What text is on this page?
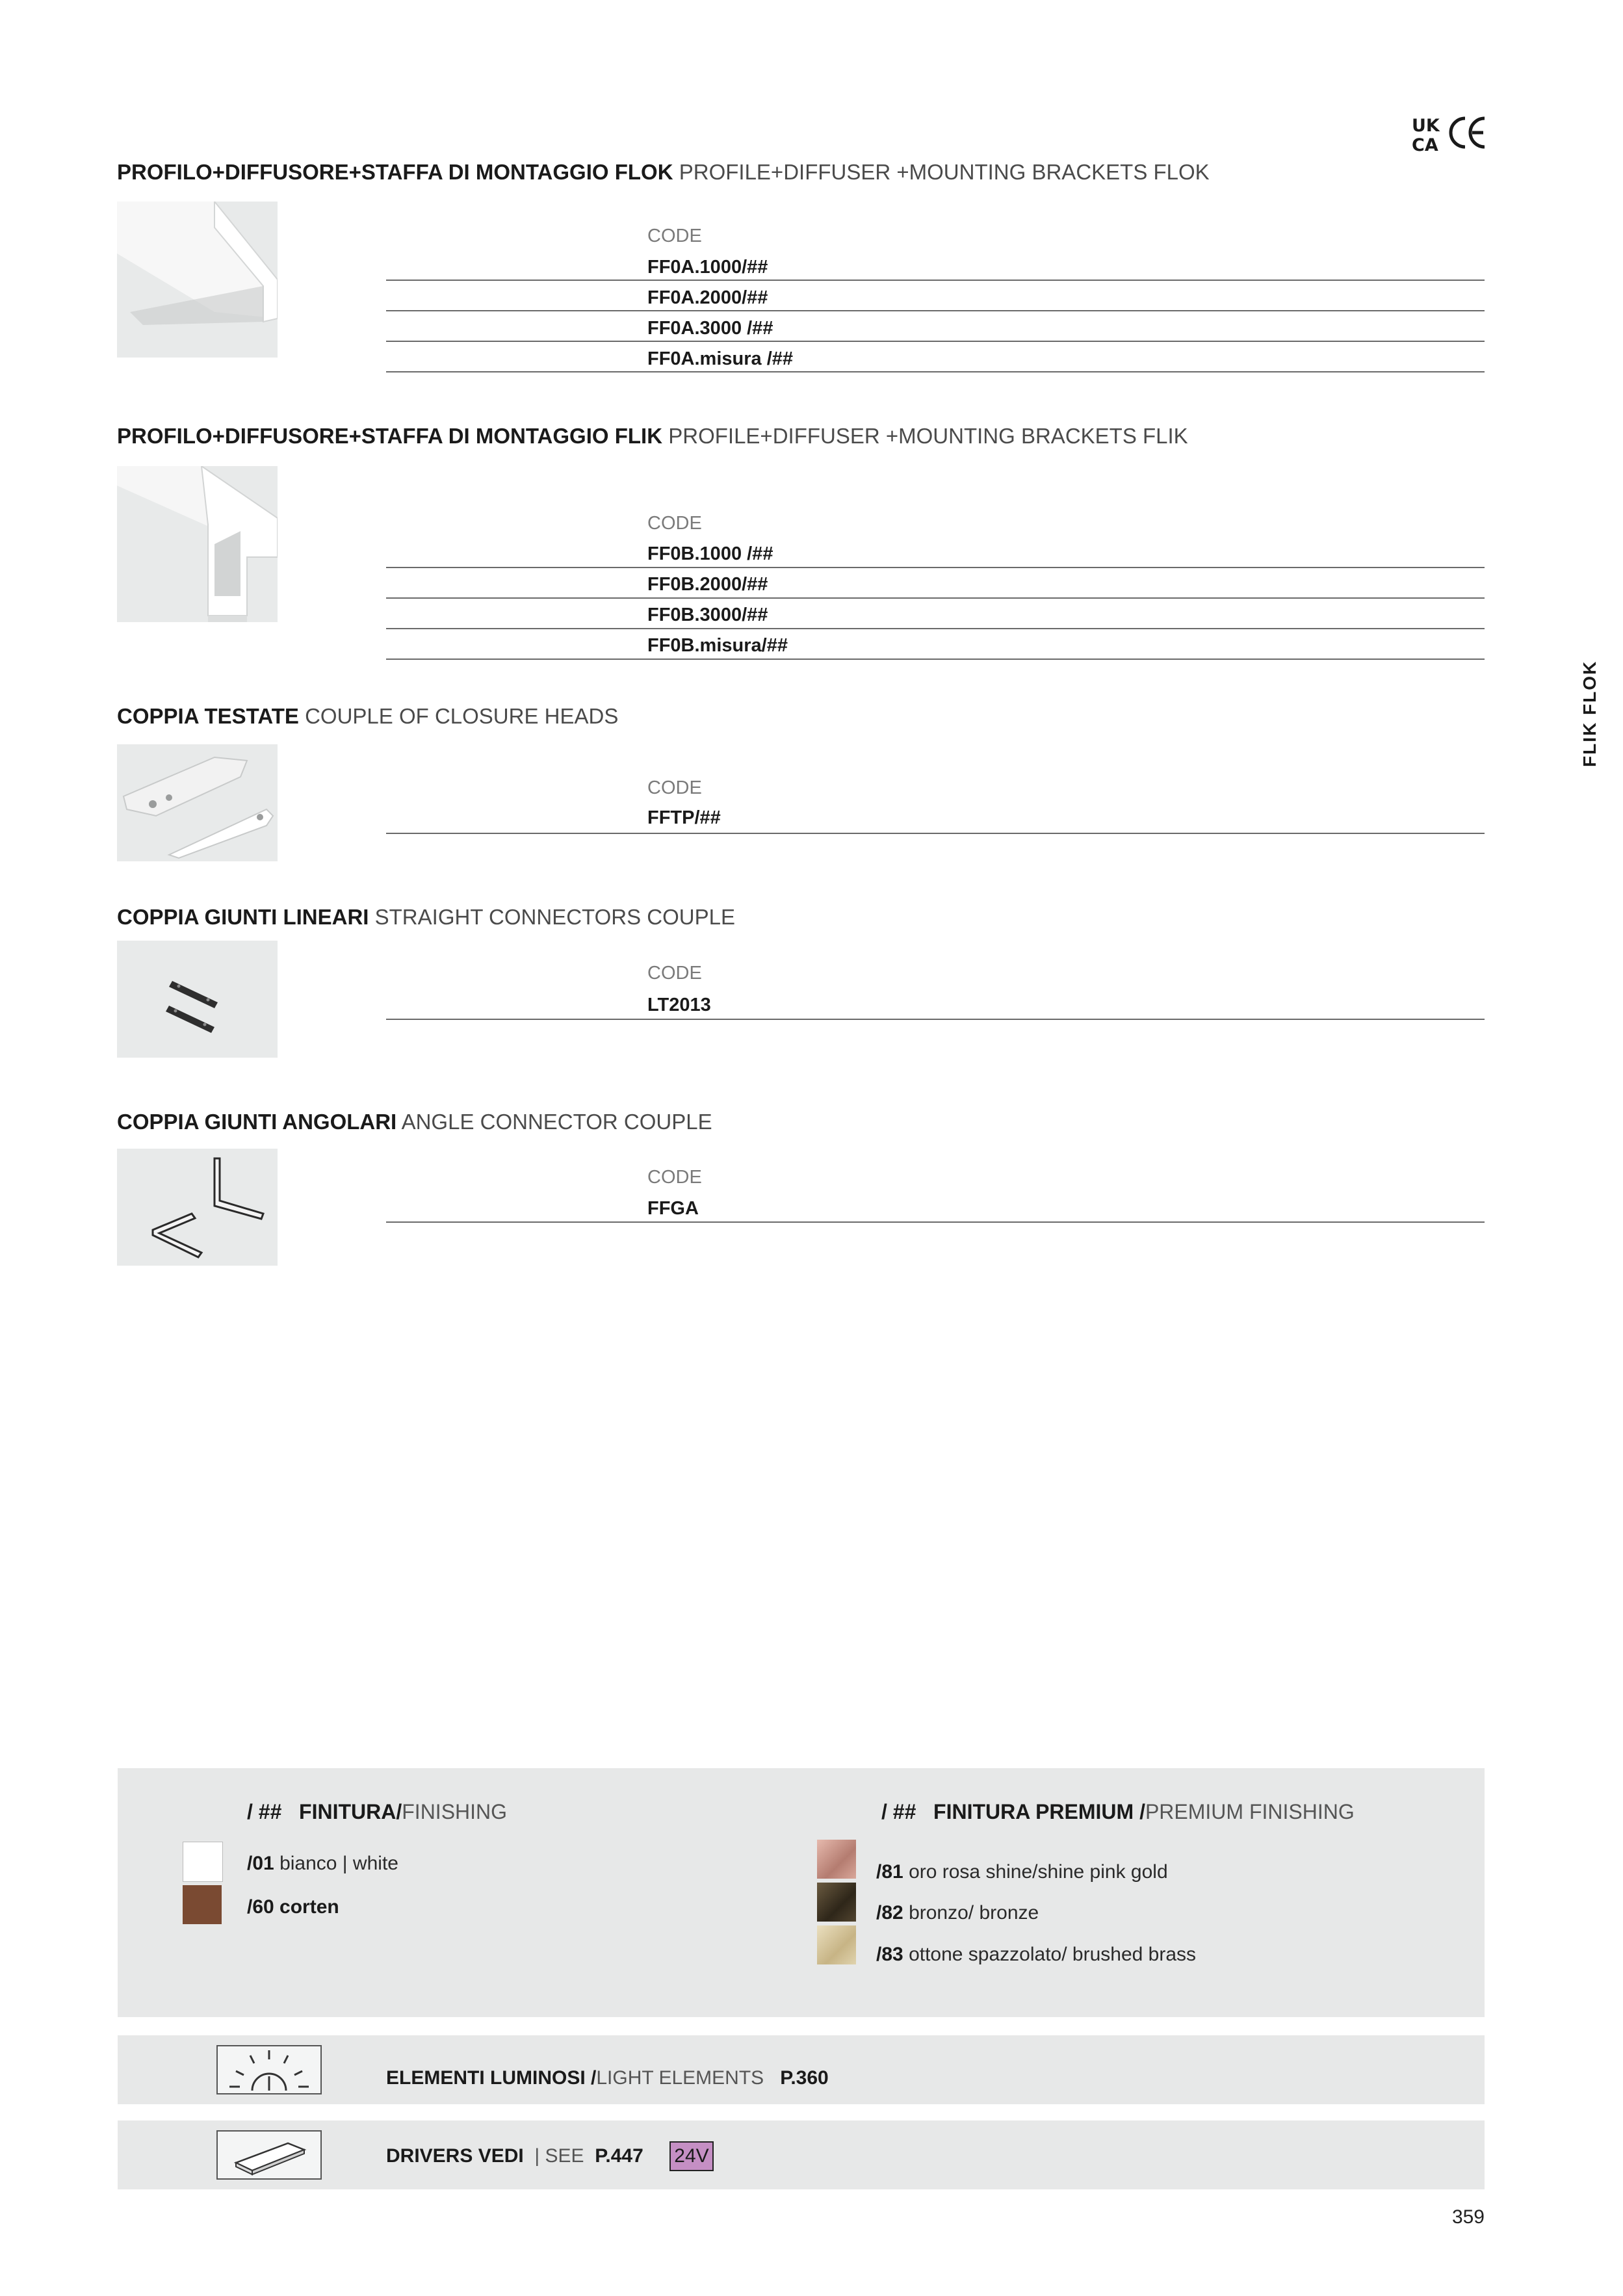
UK
CA
FLIK FLOK
PROFILO+DIFFUSORE+STAFFA DI MONTAGGIO FLOK PROFILE+DIFFUSER +MOUNTING BRACKETS FLOK
CODE
FF0A.1000/##
FF0A.2000/##
FF0A.3000 /##
FF0A.misura /##
PROFILO+DIFFUSORE+STAFFA DI MONTAGGIO FLIK PROFILE+DIFFUSER +MOUNTING BRACKETS FLIK
CODE
FF0B.1000 /##
FF0B.2000/##
FF0B.3000/##
FF0B.misura/##
COPPIA TESTATE COUPLE OF CLOSURE HEADS
CODE
FFTP/##
COPPIA GIUNTI LINEARI STRAIGHT CONNECTORS COUPLE
CODE
LT2013
COPPIA GIUNTI ANGOLARI ANGLE CONNECTOR COUPLE
CODE
FFGA
/ ## FINITURA/FINISHING
/01 bianco | white
/60 corten
/ ## FINITURA PREMIUM /PREMIUM FINISHING
/81 oro rosa shine/shine pink gold
/82 bronzo/ bronze
/83 ottone spazzolato/ brushed brass
ELEMENTI LUMINOSI /LIGHT ELEMENTS P.360
DRIVERS VEDI | SEE P.447 24V
359
